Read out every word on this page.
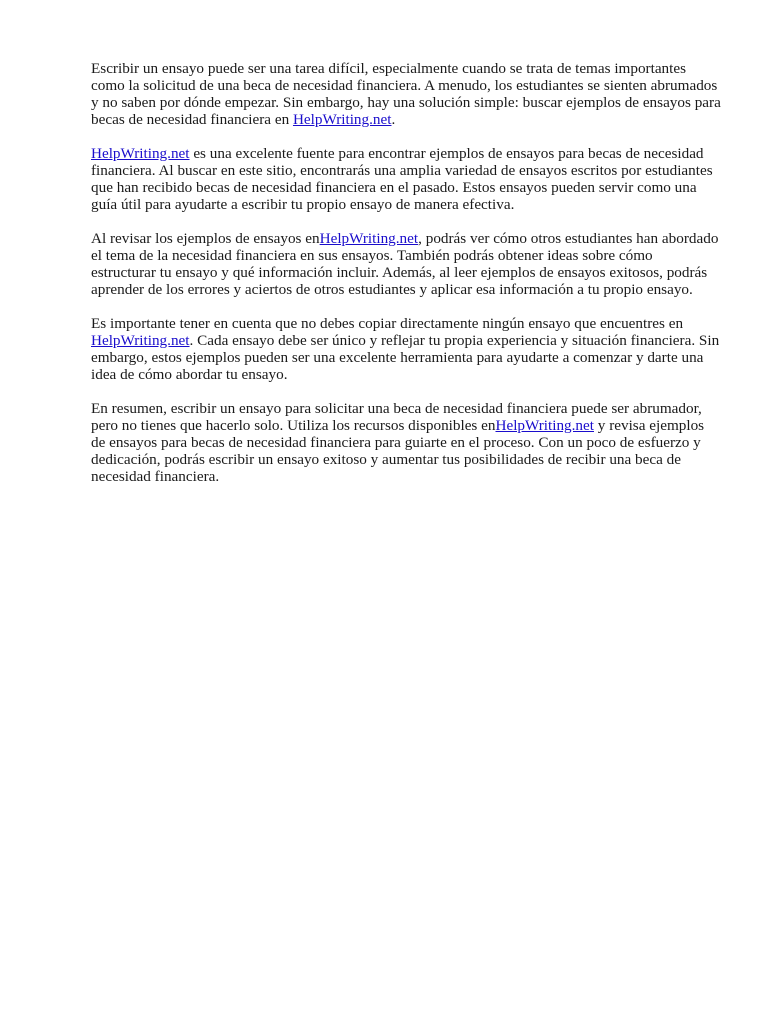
Escribir un ensayo puede ser una tarea difícil, especialmente cuando se trata de temas importantes como la solicitud de una beca de necesidad financiera. A menudo, los estudiantes se sienten abrumados y no saben por dónde empezar. Sin embargo, hay una solución simple: buscar ejemplos de ensayos para becas de necesidad financiera en HelpWriting.net.

HelpWriting.net es una excelente fuente para encontrar ejemplos de ensayos para becas de necesidad financiera. Al buscar en este sitio, encontrarás una amplia variedad de ensayos escritos por estudiantes que han recibido becas de necesidad financiera en el pasado. Estos ensayos pueden servir como una guía útil para ayudarte a escribir tu propio ensayo de manera efectiva.

Al revisar los ejemplos de ensayos enHelpWriting.net, podrás ver cómo otros estudiantes han abordado el tema de la necesidad financiera en sus ensayos. También podrás obtener ideas sobre cómo estructurar tu ensayo y qué información incluir. Además, al leer ejemplos de ensayos exitosos, podrás aprender de los errores y aciertos de otros estudiantes y aplicar esa información a tu propio ensayo.

Es importante tener en cuenta que no debes copiar directamente ningún ensayo que encuentres en HelpWriting.net. Cada ensayo debe ser único y reflejar tu propia experiencia y situación financiera. Sin embargo, estos ejemplos pueden ser una excelente herramienta para ayudarte a comenzar y darte una idea de cómo abordar tu ensayo.

En resumen, escribir un ensayo para solicitar una beca de necesidad financiera puede ser abrumador, pero no tienes que hacerlo solo. Utiliza los recursos disponibles enHelpWriting.net y revisa ejemplos de ensayos para becas de necesidad financiera para guiarte en el proceso. Con un poco de esfuerzo y dedicación, podrás escribir un ensayo exitoso y aumentar tus posibilidades de recibir una beca de necesidad financiera.
